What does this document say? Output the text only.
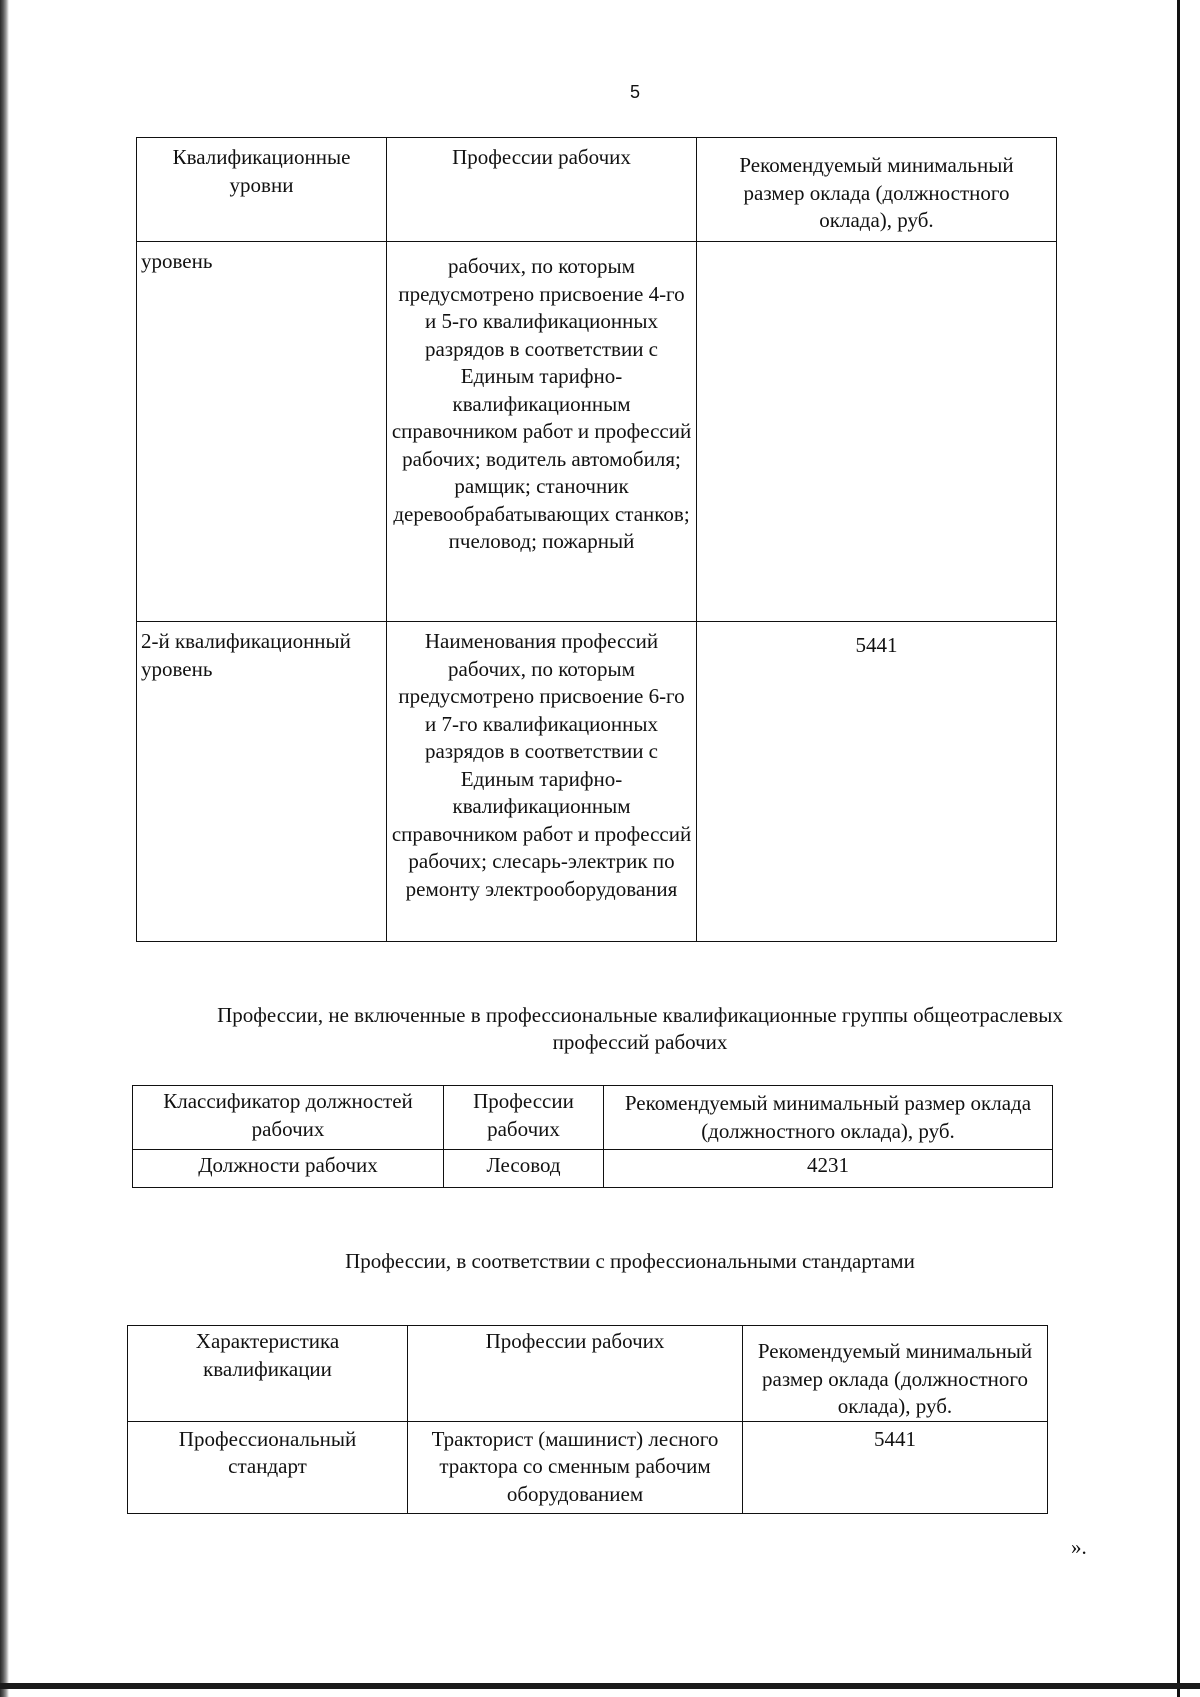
5
Квалификационные уровни	Профессии рабочих	Рекомендуемый минимальный размер оклада (должностного оклада), руб.
уровень	рабочих, по которым предусмотрено присвоение 4-го и 5-го квалификационных разрядов в соответствии с Единым тарифно-квалификационным справочником работ и профессий рабочих; водитель автомобиля; рамщик; станочник деревообрабатывающих станков; пчеловод; пожарный	
2-й квалификационный уровень	Наименования профессий рабочих, по которым предусмотрено присвоение 6-го и 7-го квалификационных разрядов в соответствии с Единым тарифно-квалификационным справочником работ и профессий рабочих; слесарь-электрик по ремонту электрооборудования	5441
Профессии, не включенные в профессиональные квалификационные группы общеотраслевых профессий рабочих
Классификатор должностей рабочих	Профессии рабочих	Рекомендуемый минимальный размер оклада (должностного оклада), руб.
Должности рабочих	Лесовод	4231
Профессии, в соответствии с профессиональными стандартами
Характеристика квалификации	Профессии рабочих	Рекомендуемый минимальный размер оклада (должностного оклада), руб.
Профессиональный стандарт	Тракторист (машинист) лесного трактора со сменным рабочим оборудованием	5441
».
